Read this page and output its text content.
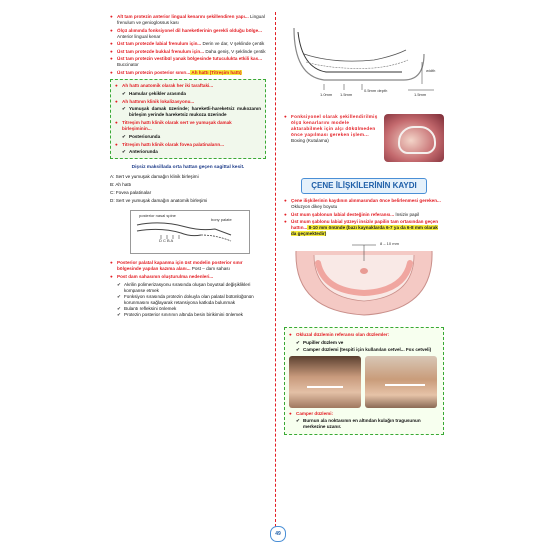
● Alt tam protezin anterior lingual kenarını şekillendiren yapı... Lingual frenulum ve genioglossus kası
● Ölçü alımında fonksiyonel dil hareketlerinin gerekli olduğu bölge... Anterior lingual kenar
● Üst tam protezde labial frenulum için... Derin ve dar, V şeklinde çentik
● Üst tam protezde bukkal frenulum için... Daha geniş, V şeklinde çentik
● Üst tam protezin vestibül yanak bölgesinde tutuculukta etkili kas... Buccinator
● Üst tam protezin posterior sınırı... Ah hattı (Titreşim hattı)
● Ah hattı anatomik olarak her iki taraftaki...
✔ Hamular çekikler arasında
● Ah hattının klinik lokalizasyonu...
✔ Yumuşak damak üzerinde; hareketli-hareketsiz mukozanın birleşim yerinde hareketsiz mukoza üzerinde
● Titreşim hattı klinik olarak sert ve yumuşak damak birleşiminin...
✔ Posteriorunda
● Titreşim hattı klinik olarak fovea palatinaların...
✔ Anteriorunda
Dişsiz maksillada orta hattan geçen sagittal kesit.
A: Sert ve yumuşak damağın klinik birleşimi
B: Ah hattı
C: Fovea palatinalar
D: Sert ve yumuşak damağın anatomik birleşimi
posterior nasal spine
bony palate
D C B A
● Posterior palatal kapanma için üst modelin posterior sınır bölgesinde yapılan kazıma alanı... Post – dam sahası
● Post dam sahasının oluşturulma nedenleri...
✔ Akrilin polimerizasyonu sırasında oluşan boyutsal değişiklikleri kompanse etmek
✔ Fonksiyon sırasında protezin dokuyla olan palatal bütünlüğünün korunmasını sağlayarak retansiyona katkıda bulunmak
✔ Bulantı refleksini önlemek
✔ Protezin posterior sınırının altında besin birikimini önlemek
width
1.0mm 1.5mm
0.5mm depth
1.5mm
● Fonksiyonel olarak şekillendirilmiş ölçü kenarlarını modele aktarabilmek için alçı dökülmeden önce yapılması gereken işlem... Boxing (Kutulama)
ÇENE İLİŞKİLERİNİN KAYDI
● Çene ilişkilerinin kaydının alınmasından önce belirlenmesi gereken... Okluzyon dikey boyutu
● Üst mum şablonun labial desteğinin referansı... İnsiziv papil
● Üst mum şablonu labial yüzeyi insiziv papilin tam ortasından geçen hattın... 8-10 mm önünde (bazı kaynaklarda 6-7 ya da 6-8 mm olarak da geçmektedir)
8 – 10 mm
● Okluzal düzlemin referansı olan düzlemler:
✔ Pupiller düzlem ve
✔ Camper düzlemi (tespiti için kullanılan cetvel... Fox cetveli)
● Camper düzlemi:
✔ Burnun ala noktasının en altından kulağın tragusunun merkezine uzanır.
49
